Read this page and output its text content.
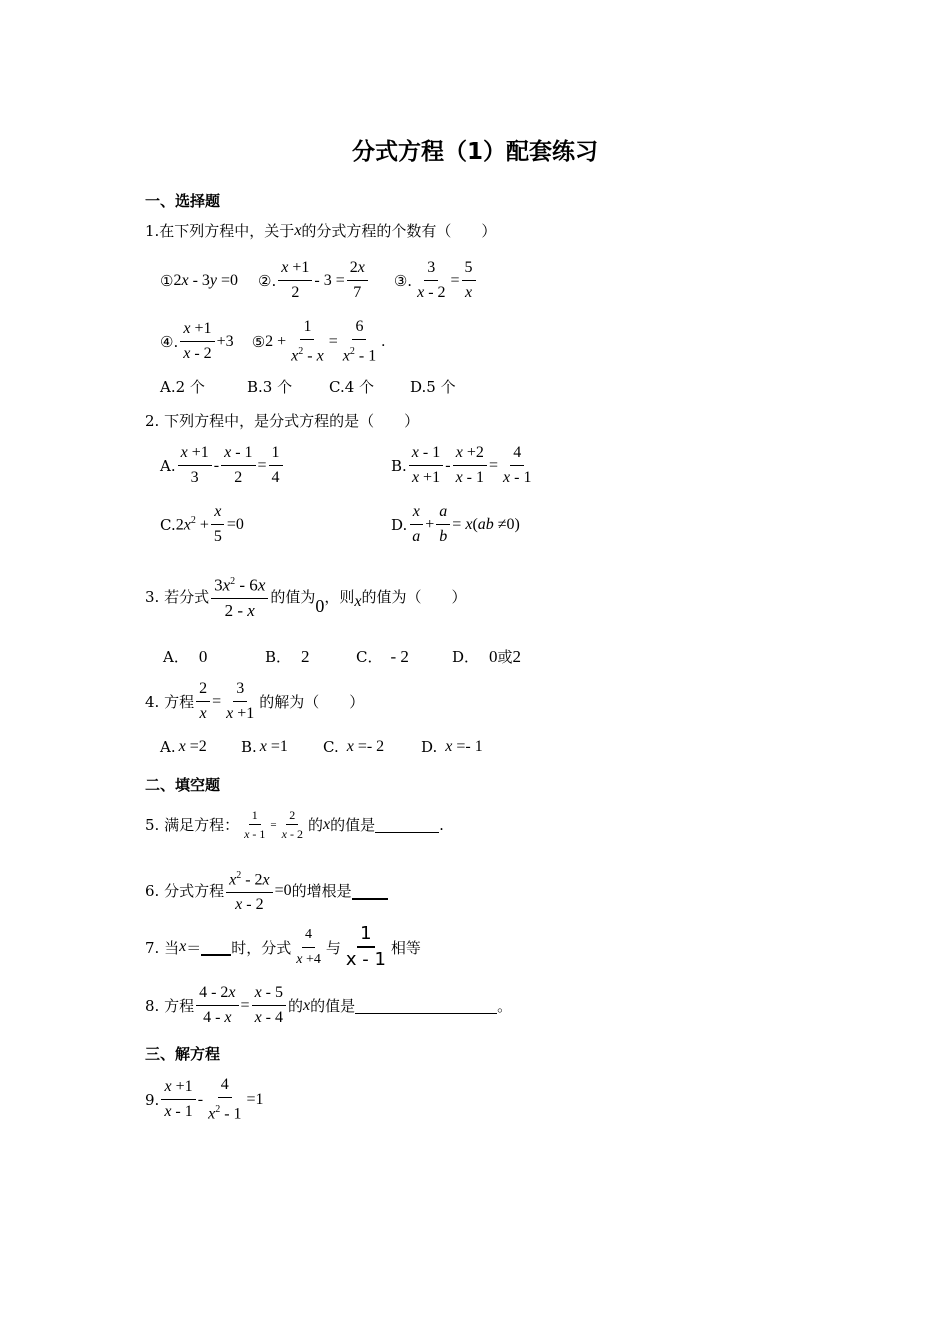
分式方程（1）配套练习
一、选择题
1.在下列方程中，关于 x 的分式方程的个数有（　　）
① 2x - 3y =0 ②. $\frac{x +1}{2} - 3 = \frac{2x}{7}$ ③. $\frac{3}{x - 2} = \frac{5}{x}$
④. $\frac{x +1}{x - 2} +3$ ⑤ $2 + \frac{1}{x^2 - x} = \frac{6}{x^2 - 1}$ .
A.2 个	B.3 个 C.4 个 D.5 个
2. 下列方程中，是分式方程的是（　　）
A. $\frac{x +1}{3} - \frac{x - 1}{2} = \frac{1}{4}$	B. $\frac{x - 1}{x +1} - \frac{x +2}{x - 1} = \frac{4}{x - 1}$
C. $2x^2 + \frac{x}{5} =0$	D. $\frac{x}{a} + \frac{a}{b} = x(ab \ne 0)$
3. 若分式 $\frac{3x^2 - 6x}{2 - x}$ 的值为 0 ，则 x 的值为（　　）
A． 0	B． 2	C． - 2	D． 0 或 2
4. 方程 $\frac{2}{x} = \frac{3}{x +1}$ 的解为（　　）
A. x =2 B. x =1 C. x =- 2 D. x =- 1
二、填空题
5. 满足方程： $\frac{1}{x - 1} = \frac{2}{x - 2}$ 的 x 的值是	.
6. 分式方程 $\frac{x^2 - 2x}{x - 2} =0$ 的增根是
7. 当 x ＝ 时，分式 $\frac{4}{x +4}$ 与 $\frac{1}{x - 1}$ 相等
8. 方程 $\frac{4 - 2x}{4 - x} = \frac{x - 5}{x - 4}$ 的 x 的值是	。
三、解方程
9. $\frac{x +1}{x - 1} - \frac{4}{x^2 - 1} =1$
